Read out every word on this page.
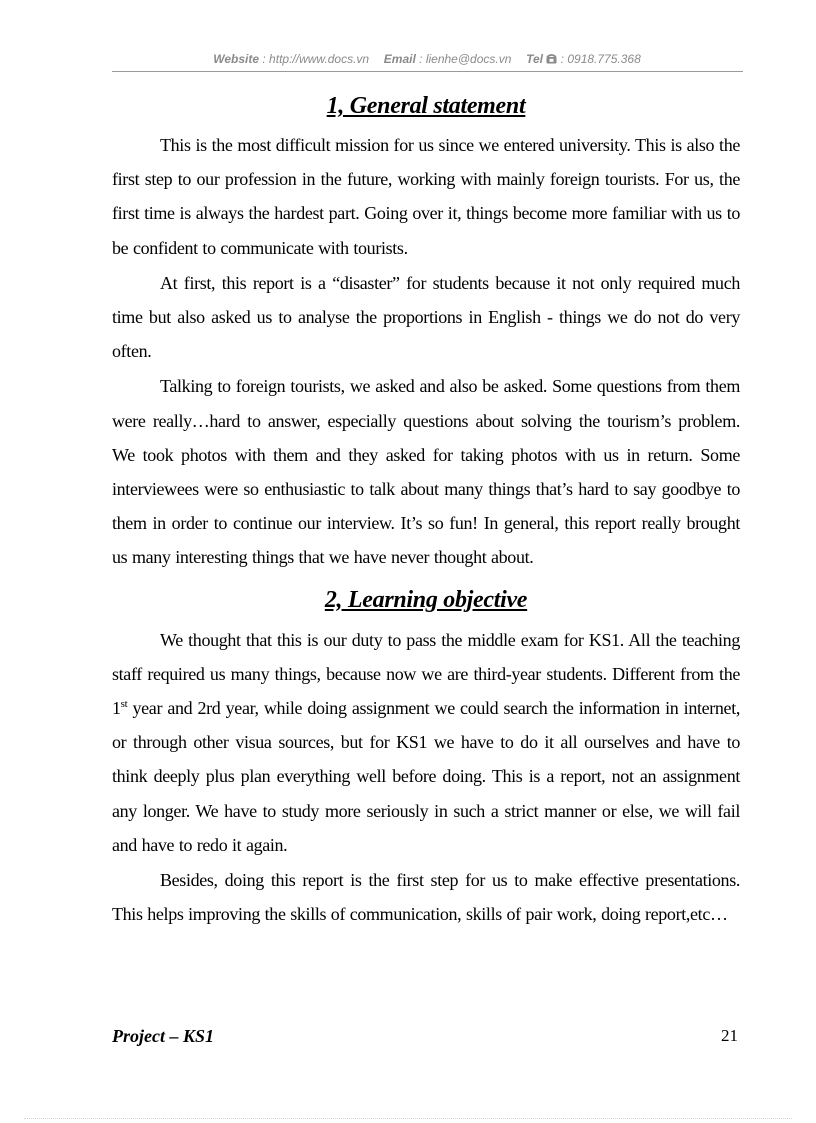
Website : http://www.docs.vn Email : lienhe@docs.vn Tel : 0918.775.368
1, General statement

This is the most difficult mission for us since we entered university. This is also the first step to our profession in the future, working with mainly foreign tourists. For us, the first time is always the hardest part. Going over it, things become more familiar with us to be confident to communicate with tourists.

At first, this report is a “disaster” for students because it not only required much time but also asked us to analyse the proportions in English - things we do not do very often.

Talking to foreign tourists, we asked and also be asked. Some questions from them were really…hard to answer, especially questions about solving the tourism’s problem. We took photos with them and they asked for taking photos with us in return. Some interviewees were so enthusiastic to talk about many things that’s hard to say goodbye to them in order to continue our interview. It’s so fun! In general, this report really brought us many interesting things that we have never thought about.

2, Learning objective

We thought that this is our duty to pass the middle exam for KS1. All the teaching staff required us many things, because now we are third-year students. Different from the 1st year and 2rd year, while doing assignment we could search the information in internet, or through other visua sources, but for KS1 we have to do it all ourselves and have to think deeply plus plan everything well before doing. This is a report, not an assignment any longer. We have to study more seriously in such a strict manner or else, we will fail and have to redo it again.

Besides, doing this report is the first step for us to make effective presentations. This helps improving the skills of communication, skills of pair work, doing report,etc…

Project – KS1	21
